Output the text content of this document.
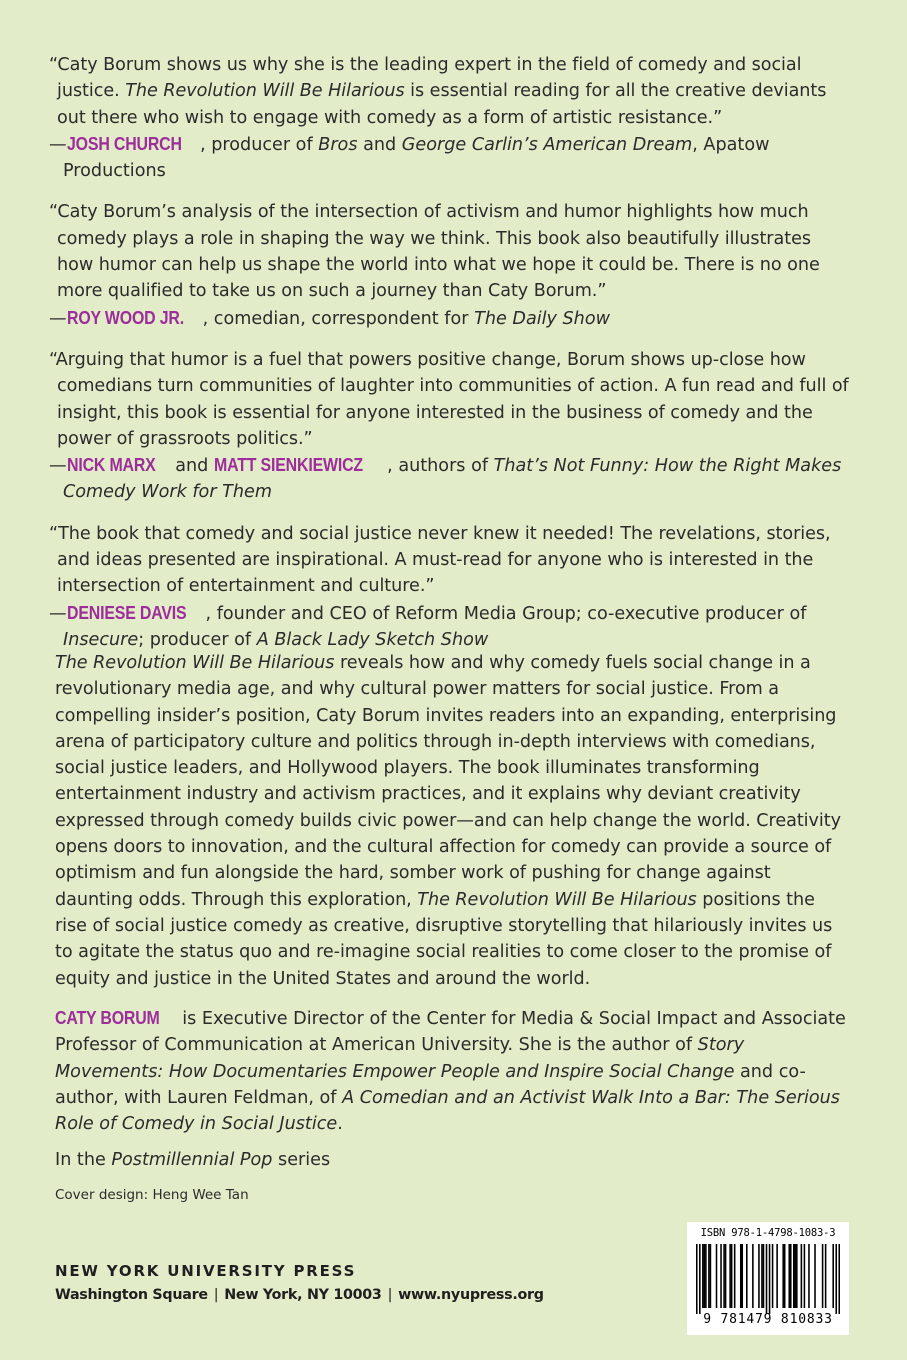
“Caty Borum shows us why she is the leading expert in the field of comedy and social justice. The Revolution Will Be Hilarious is essential reading for all the creative deviants out there who wish to engage with comedy as a form of artistic resistance.”

—JOSH CHURCH , producer of Bros and George Carlin’s American Dream, Apatow Productions

“Caty Borum’s analysis of the intersection of activism and humor highlights how much comedy plays a role in shaping the way we think. This book also beautifully illustrates how humor can help us shape the world into what we hope it could be. There is no one more qualified to take us on such a journey than Caty Borum.”

—ROY WOOD JR. , comedian, correspondent for The Daily Show

“Arguing that humor is a fuel that powers positive change, Borum shows up-close how comedians turn communities of laughter into communities of action. A fun read and full of insight, this book is essential for anyone interested in the business of comedy and the power of grassroots politics.”

—NICK MARX and MATT SIENKIEWICZ , authors of That’s Not Funny: How the Right Makes Comedy Work for Them

“The book that comedy and social justice never knew it needed! The revelations, stories, and ideas presented are inspirational. A must-read for anyone who is interested in the intersection of entertainment and culture.”

—DENIESE DAVIS , founder and CEO of Reform Media Group; co-executive producer of Insecure; producer of A Black Lady Sketch Show

The Revolution Will Be Hilarious reveals how and why comedy fuels social change in a revolutionary media age, and why cultural power matters for social justice. From a compelling insider’s position, Caty Borum invites readers into an expanding, enterprising arena of participatory culture and politics through in-depth interviews with comedians, social justice leaders, and Hollywood players. The book illuminates transforming entertainment industry and activism practices, and it explains why deviant creativity expressed through comedy builds civic power—and can help change the world. Creativity opens doors to innovation, and the cultural affection for comedy can provide a source of optimism and fun alongside the hard, somber work of pushing for change against daunting odds. Through this exploration, The Revolution Will Be Hilarious positions the rise of social justice comedy as creative, disruptive storytelling that hilariously invites us to agitate the status quo and re-imagine social realities to come closer to the promise of equity and justice in the United States and around the world.

CATY BORUM is Executive Director of the Center for Media & Social Impact and Associate Professor of Communication at American University. She is the author of Story Movements: How Documentaries Empower People and Inspire Social Change and co-author, with Lauren Feldman, of A Comedian and an Activist Walk Into a Bar: The Serious Role of Comedy in Social Justice.

In the Postmillennial Pop series

Cover design: Heng Wee Tan

NEW YORK UNIVERSITY PRESS

Washington Square | New York, NY 10003 | www.nyupress.org

ISBN 978-1-4798-1083-3
9 781479 810833
